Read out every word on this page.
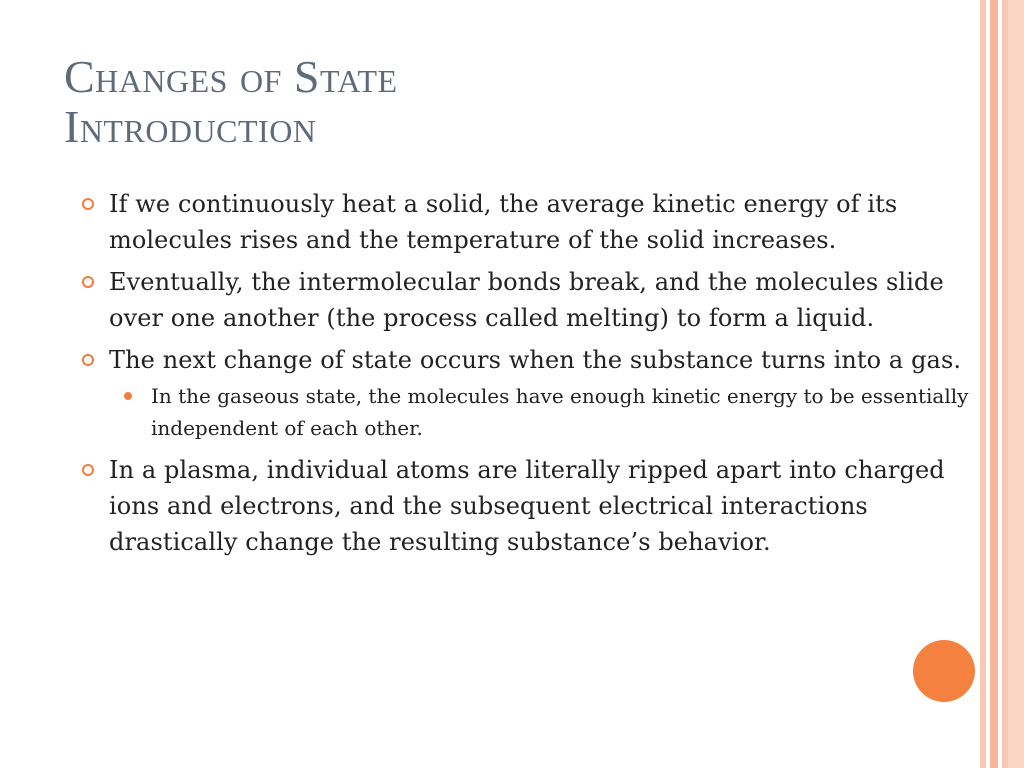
Changes of State
Introduction
If we continuously heat a solid, the average kinetic energy of its molecules rises and the temperature of the solid increases.
Eventually, the intermolecular bonds break, and the molecules slide over one another (the process called melting) to form a liquid.
The next change of state occurs when the substance turns into a gas.
In the gaseous state, the molecules have enough kinetic energy to be essentially independent of each other.
In a plasma, individual atoms are literally ripped apart into charged ions and electrons, and the subsequent electrical interactions drastically change the resulting substance’s behavior.
